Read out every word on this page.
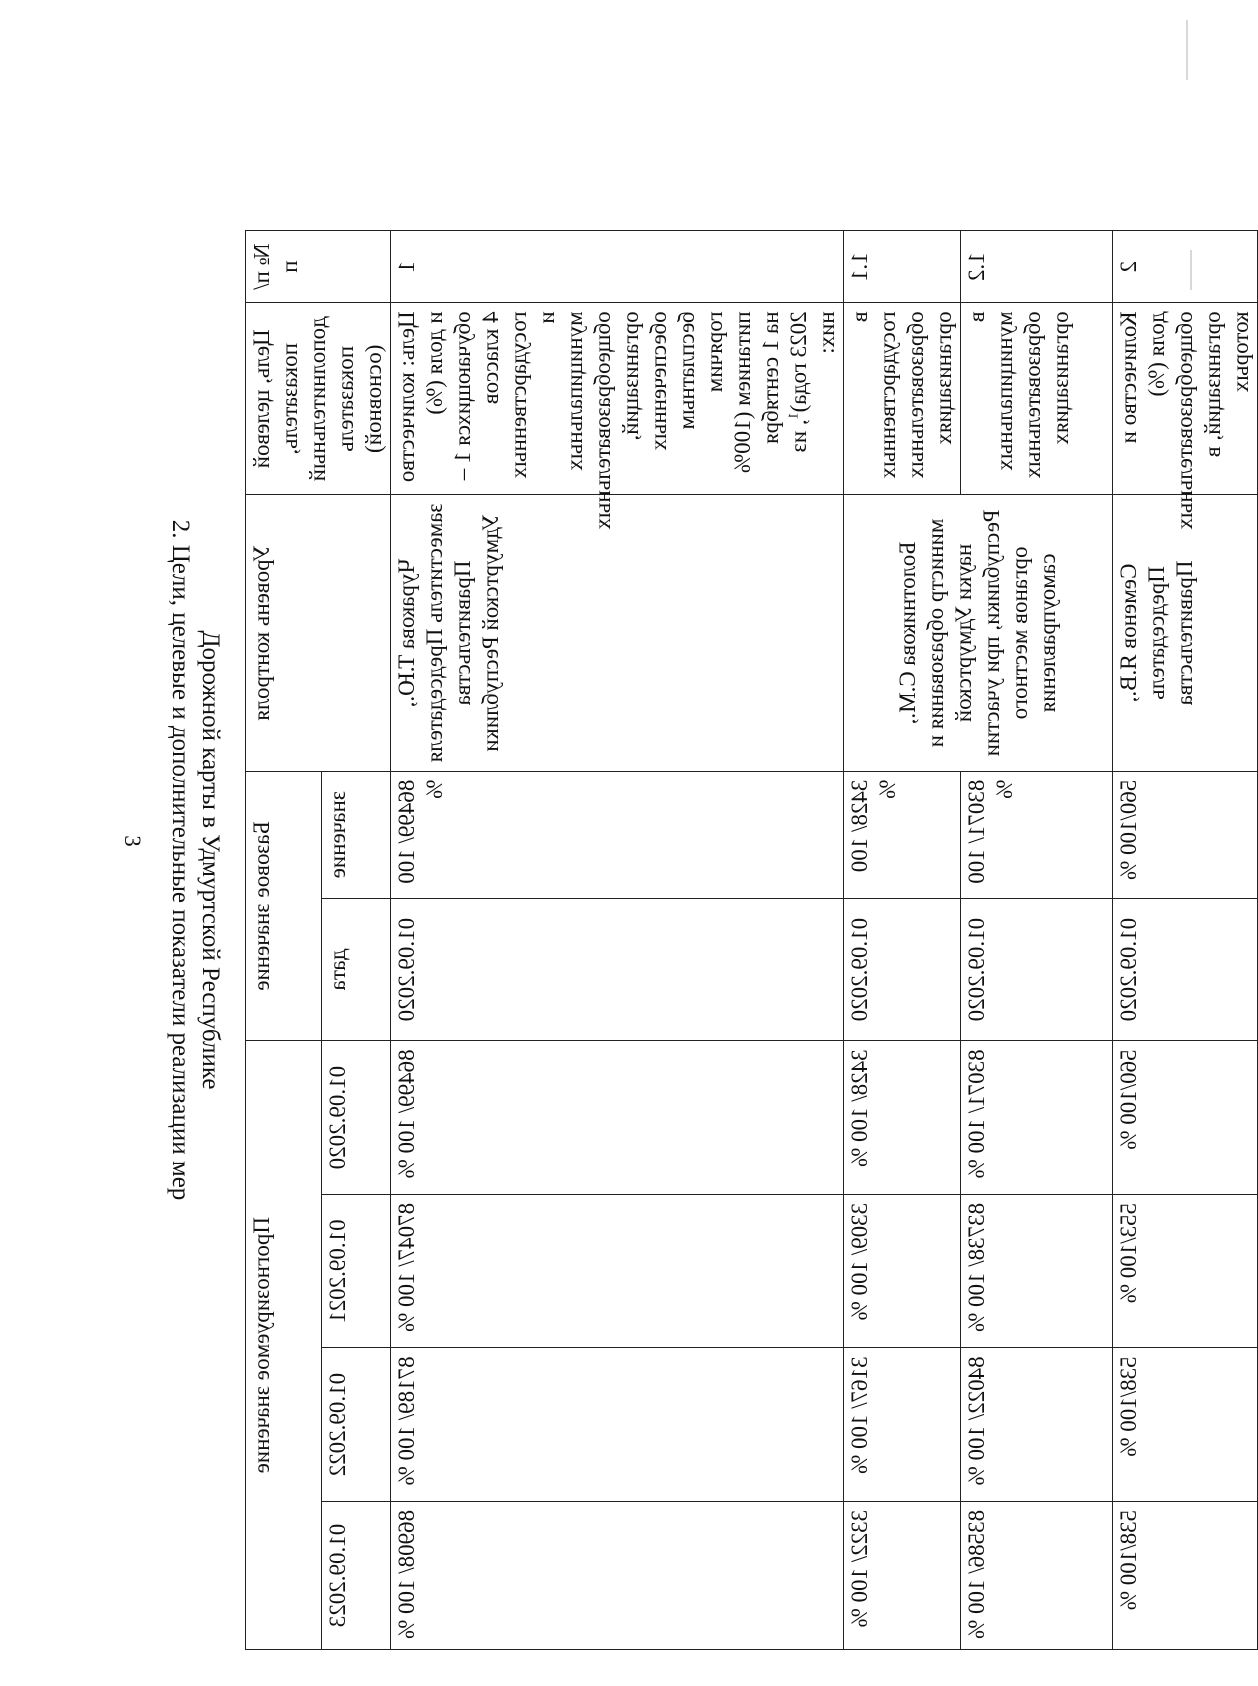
3 2. Цели, целевые и дополнительные показатели реализации мер Дорожной карты в Удмуртской Республике
№ п/п	Цель, целевой показатель, дополнительный показатель (основной)	Уровень контроля	Базовое значение		Прогнозируемое значение			
			значение	дата	01.09.2020	01.09.2021	01.09.2022	01.09.2023
1	Цель: количество и доля (%) обучающихся 1 – 4 классов государственных и муниципальных общеобразовательных организаций, обеспеченных бесплатным горячим питанием (100% на 1 сентября 2023 года)$^1$, из них:	Чуракова Т.Ю., заместитель Председателя Правительства Удмуртской Республики	86499/ 100 %	01.09.2020	86499/ 100 %	87047/ 100 %	87189/ 100 %	86908/ 100 %
1.1	в государственных образовательных организациях	Болотникова С.М., министр образования и науки Удмуртской Республики, при участии органов местного самоуправления	3428/ 100 %	01.09.2020	3428/ 100 %	3309/ 100 %	3167/ 100 %	3322/ 100 %
1.2	в муниципальных образовательных организациях		83071/ 100 %	01.09.2020	83071/ 100 %	83738/ 100 %	84022/ 100 %	83586/ 100 %
2	Количество и доля (%) общеобразовательных организаций, в которых	Семенов Я.В., Председатель Правительства	560/100 %	01.09.2020	560/100 %	553/100 %	538/100 %	538/100 %
